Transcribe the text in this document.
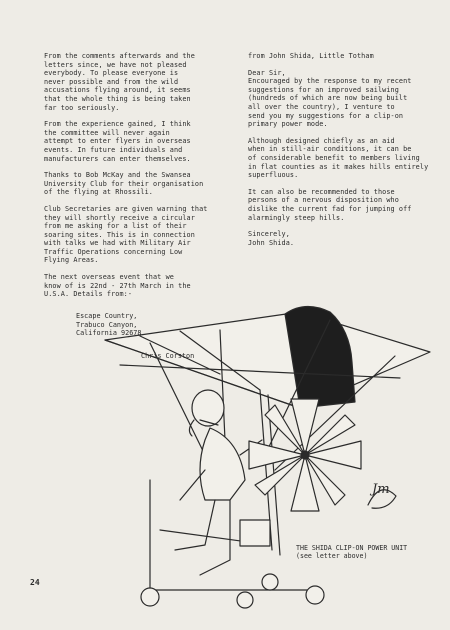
From the comments afterwards and the
letters since, we have not pleased
everybody. To please everyone is
never possible and from the wild
accusations flying around, it seems
that the whole thing is being taken
far too seriously.

From the experience gained, I think
the committee will never again
attempt to enter flyers in overseas
events. In future individuals and
manufacturers can enter themselves.

Thanks to Bob McKay and the Swansea
University Club for their organisation
of the flying at Rhossili.

Club Secretaries are given warning that
they will shortly receive a circular
from me asking for a list of their
soaring sites. This is in connection
with talks we had with Military Air
Traffic Operations concerning Low
Flying Areas.

The next overseas event that we
know of is 22nd - 27th March in the
U.S.A. Details from:-

Escape Country,
Trabuco Canyon,
California 92678.
Chris Corston

from John Shida, Little Totham

Dear Sir,

Encouraged by the response to my recent
suggestions for an improved sailwing
(hundreds of which are now being built
all over the country), I venture to
send you my suggestions for a clip-on
primary power mode.

Although designed chiefly as an aid
when in still-air conditions, it can be
of considerable benefit to members living
in flat counties as it makes hills entirely
superfluous.

It can also be recommended to those
persons of a nervous disposition who
dislike the current fad for jumping off
alarmingly steep hills.

Sincerely,
John Shida.

Jm
THE SHIDA CLIP-ON POWER UNIT
(see letter above)
24
